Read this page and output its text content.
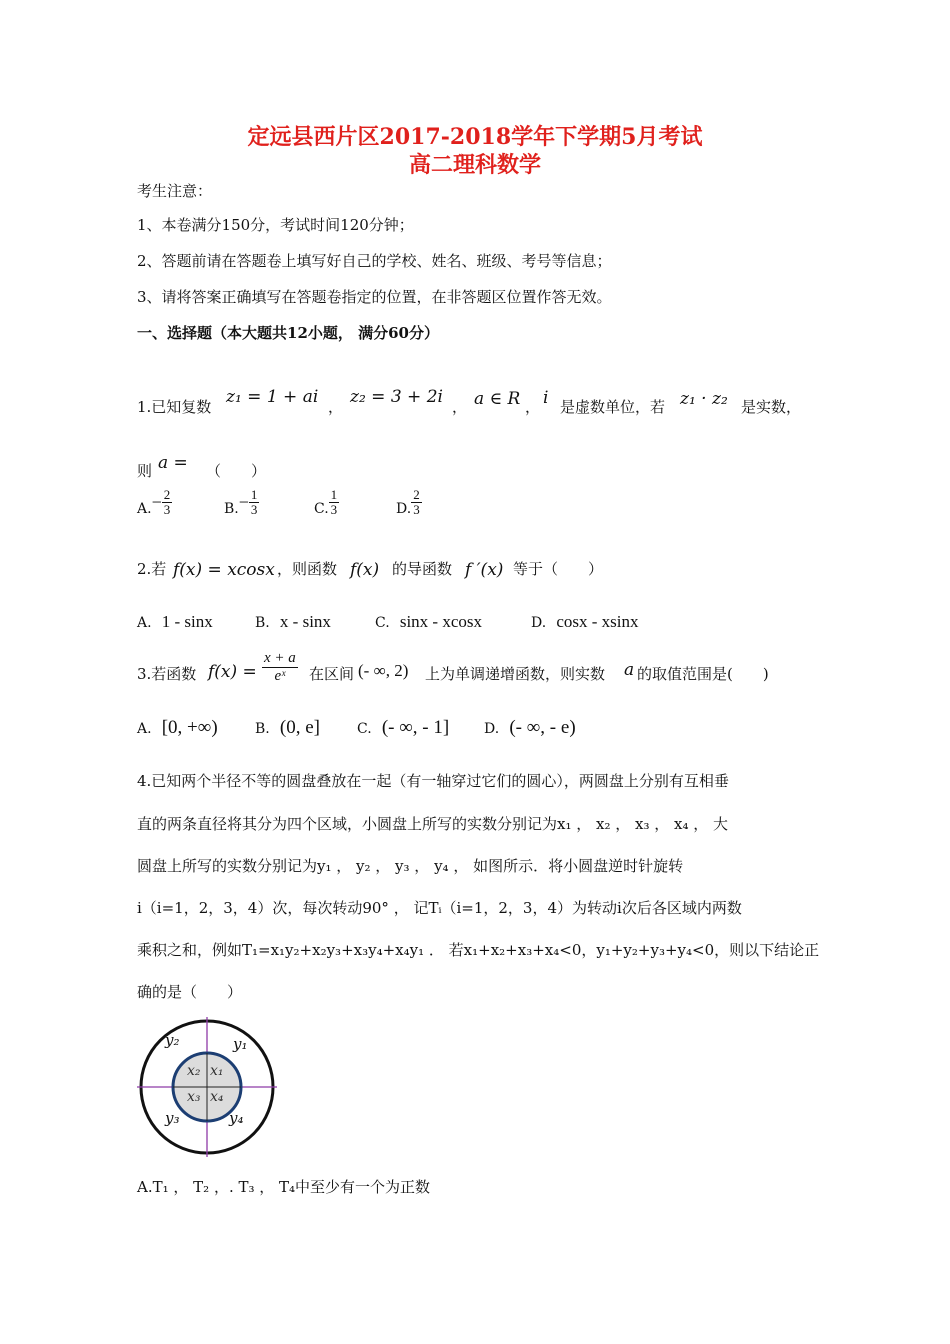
定远县西片区2017-2018学年下学期5月考试
高二理科数学
考生注意：
1、本卷满分150分，考试时间120分钟；
2、答题前请在答题卷上填写好自己的学校、姓名、班级、考号等信息；
3、请将答案正确填写在答题卷指定的位置，在非答题区位置作答无效。
一、选择题（本大题共12小题， 满分60分）
1.已知复数 z₁ = 1 + ai ， z₂ = 3 + 2i ， a ∈ R ， i 是虚数单位，若 z₁ · z₂ 是实数，
则 a = （　　）
$A.- \frac{2}{3}$	$B.- \frac{1}{3}$	C. $\frac{1}{3}$	D. $\frac{2}{3}$
2.若 f(x) = xcosx ，则函数 f(x) 的导函数 f ′(x) 等于（　　）
A. 1 - sinx	B. x - sinx	C. sinx - xcosx	D. cosx - xsinx
3.若函数 $f(x) = \frac{x + a}{\text{eˣ}}$ 在区间 (- ∞, 2) 上为单调递增函数，则实数 a 的取值范围是(　　)
A. [0, +∞)	B. (0, e]	C. (- ∞, - 1] D. (- ∞, - e)
4.已知两个半径不等的圆盘叠放在一起（有一轴穿过它们的圆心），两圆盘上分别有互相垂
直的两条直径将其分为四个区域，小圆盘上所写的实数分别记为x₁ ， x₂ ， x₃ ， x₄ ， 大
圆盘上所写的实数分别记为y₁ ， y₂ ， y₃ ， y₄ ， 如图所示．将小圆盘逆时针旋转
i（i=1，2，3，4）次，每次转动90° ， 记Tᵢ（i=1，2，3，4）为转动i次后各区域内两数
乘积之和，例如T₁=x₁y₂+x₂y₃+x₃y₄+x₄y₁ ． 若x₁+x₂+x₃+x₄<0，y₁+y₂+y₃+y₄<0，则以下结论正
确的是（　　）
y₂	y₁
y₃	y₄
x₂ x₁
x₃ x₄
A.T₁ ， T₂ ，. T₃ ， T₄中至少有一个为正数
